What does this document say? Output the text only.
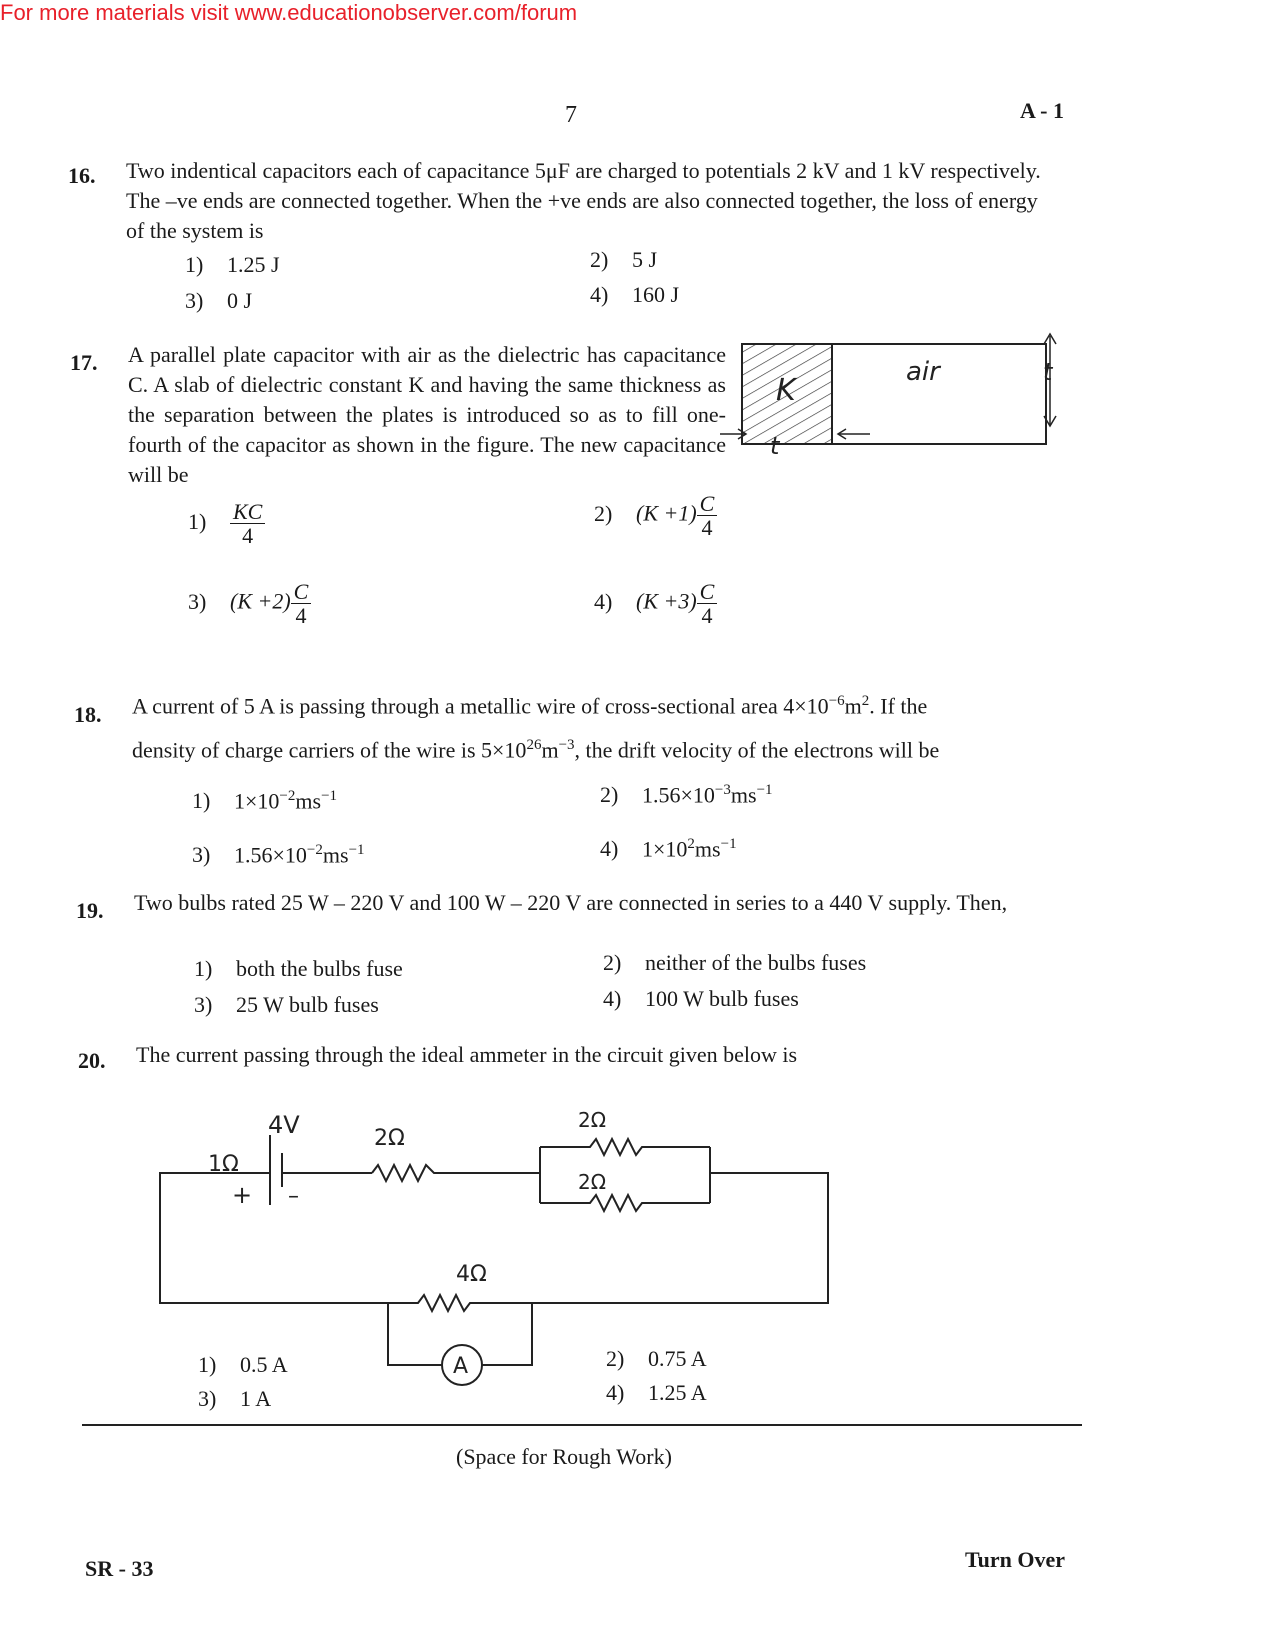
For more materials visit www.educationobserver.com/forum
7	A - 1
16. Two indentical capacitors each of capacitance 5μF are charged to potentials 2 kV and 1 kV respectively. The –ve ends are connected together. When the +ve ends are also connected together, the loss of energy of the system is
1) 1.25 J	2) 5 J
3) 0 J	4) 160 J
17. A parallel plate capacitor with air as the dielectric has capacitance C. A slab of dielectric constant K and having the same thickness as the separation between the plates is introduced so as to fill one-fourth of the capacitor as shown in the figure. The new capacitance will be
K
air	t
t
$1) \frac{KC}{4}$	2) $(K +1) \frac{C}{4}$
3) $(K +2) \frac{C}{4}$	4) $(K +3) \frac{C}{4}$
18. A current of 5 A is passing through a metallic wire of cross-sectional area $4\times 10^{-6}m^2$. If the
density of charge carriers of the wire is $5\times 10^{26}m^{-3}$, the drift velocity of the electrons will be
1) $1\times 10^{-2}ms^{-1}$	2) $1.56\times 10^{-3}ms^{-1}$
3) $1.56\times 10^{-2}ms^{-1}$	4) $1\times 10^2ms^{-1}$
19. Two bulbs rated 25 W – 220 V and 100 W – 220 V are connected in series to a 440 V supply. Then,
1) both the bulbs fuse	2) neither of the bulbs fuses
3) 25 W bulb fuses	4) 100 W bulb fuses
20. The current passing through the ideal ammeter in the circuit given below is
1Ω
4V
+ –
2Ω
2Ω
2Ω
4Ω
A
1) 0.5 A	2) 0.75 A
3) 1 A	4) 1.25 A
(Space for Rough Work)
SR - 33	Turn Over
